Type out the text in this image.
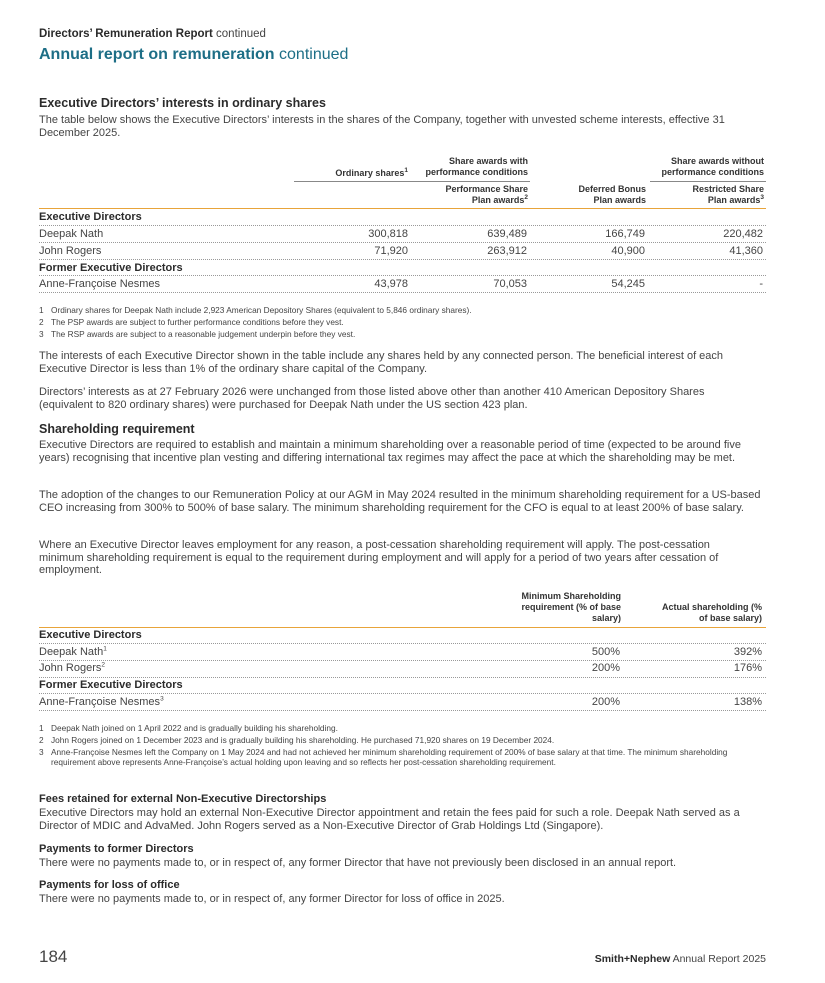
Directors’ Remuneration Report continued
Annual report on remuneration continued
Executive Directors’ interests in ordinary shares
The table below shows the Executive Directors’ interests in the shares of the Company, together with unvested scheme interests, effective 31 December 2025.
Share awards with performance conditions
Share awards without performance conditions
Ordinary shares$^1$
Performance Share Plan awards$^2$
Deferred Bonus Plan awards
Restricted Share Plan awards$^3$
Executive Directors
Deepak Nath	300,818	639,489	166,749	220,482
John Rogers	71,920	263,912	40,900	41,360
Former Executive Directors
Anne-Françoise Nesmes	43,978	70,053	54,245	-
1 Ordinary shares for Deepak Nath include 2,923 American Depository Shares (equivalent to 5,846 ordinary shares).
2 The PSP awards are subject to further performance conditions before they vest.
3 The RSP awards are subject to a reasonable judgement underpin before they vest.
The interests of each Executive Director shown in the table include any shares held by any connected person. The beneficial interest of each Executive Director is less than 1% of the ordinary share capital of the Company.
Directors’ interests as at 27 February 2026 were unchanged from those listed above other than another 410 American Depository Shares (equivalent to 820 ordinary shares) were purchased for Deepak Nath under the US section 423 plan.
Shareholding requirement
Executive Directors are required to establish and maintain a minimum shareholding over a reasonable period of time (expected to be around five years) recognising that incentive plan vesting and differing international tax regimes may affect the pace at which the shareholding may be met.
The adoption of the changes to our Remuneration Policy at our AGM in May 2024 resulted in the minimum shareholding requirement for a US-based CEO increasing from 300% to 500% of base salary. The minimum shareholding requirement for the CFO is equal to at least 200% of base salary.
Where an Executive Director leaves employment for any reason, a post-cessation shareholding requirement will apply. The post-cessation minimum shareholding requirement is equal to the requirement during employment and will apply for a period of two years after cessation of employment.
Minimum Shareholding requirement (% of base salary)
Actual shareholding (% of base salary)
Executive Directors
Deepak Nath$^1$	500%	392%
John Rogers$^2$	200%	176%
Former Executive Directors
Anne-Françoise Nesmes$^3$	200%	138%
1 Deepak Nath joined on 1 April 2022 and is gradually building his shareholding.
2 John Rogers joined on 1 December 2023 and is gradually building his shareholding. He purchased 71,920 shares on 19 December 2024.
3 Anne-Françoise Nesmes left the Company on 1 May 2024 and had not achieved her minimum shareholding requirement of 200% of base salary at that time. The minimum shareholding requirement above represents Anne-Françoise’s actual holding upon leaving and so reflects her post-cessation shareholding requirement.
Fees retained for external Non-Executive Directorships
Executive Directors may hold an external Non-Executive Director appointment and retain the fees paid for such a role. Deepak Nath served as a Director of MDIC and AdvaMed. John Rogers served as a Non-Executive Director of Grab Holdings Ltd (Singapore).
Payments to former Directors
There were no payments made to, or in respect of, any former Director that have not previously been disclosed in an annual report.
Payments for loss of office
There were no payments made to, or in respect of, any former Director for loss of office in 2025.
184	Smith+Nephew Annual Report 2025
